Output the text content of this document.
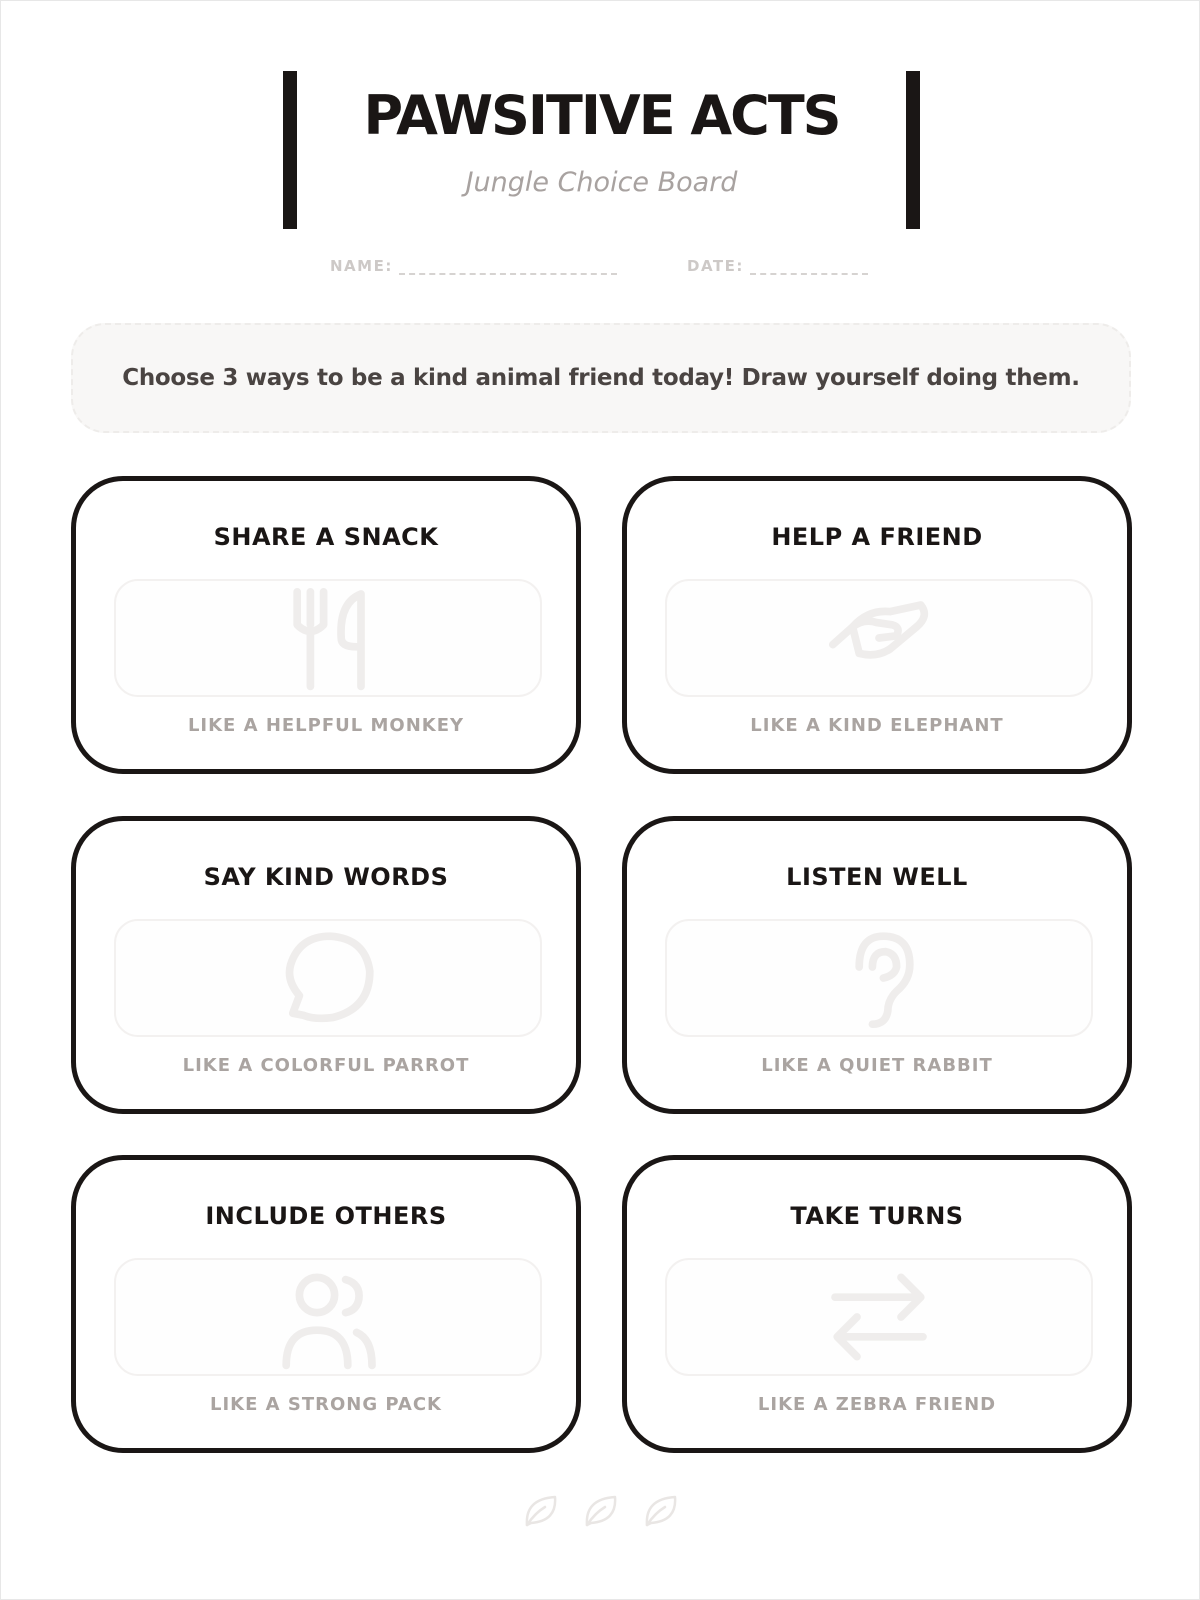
PAWSITIVE ACTS
Jungle Choice Board
NAME:	DATE:
Choose 3 ways to be a kind animal friend today! Draw yourself doing them.
SHARE A SNACK
LIKE A HELPFUL MONKEY
HELP A FRIEND
LIKE A KIND ELEPHANT
SAY KIND WORDS
LIKE A COLORFUL PARROT
LISTEN WELL
LIKE A QUIET RABBIT
INCLUDE OTHERS
LIKE A STRONG PACK
TAKE TURNS
LIKE A ZEBRA FRIEND
